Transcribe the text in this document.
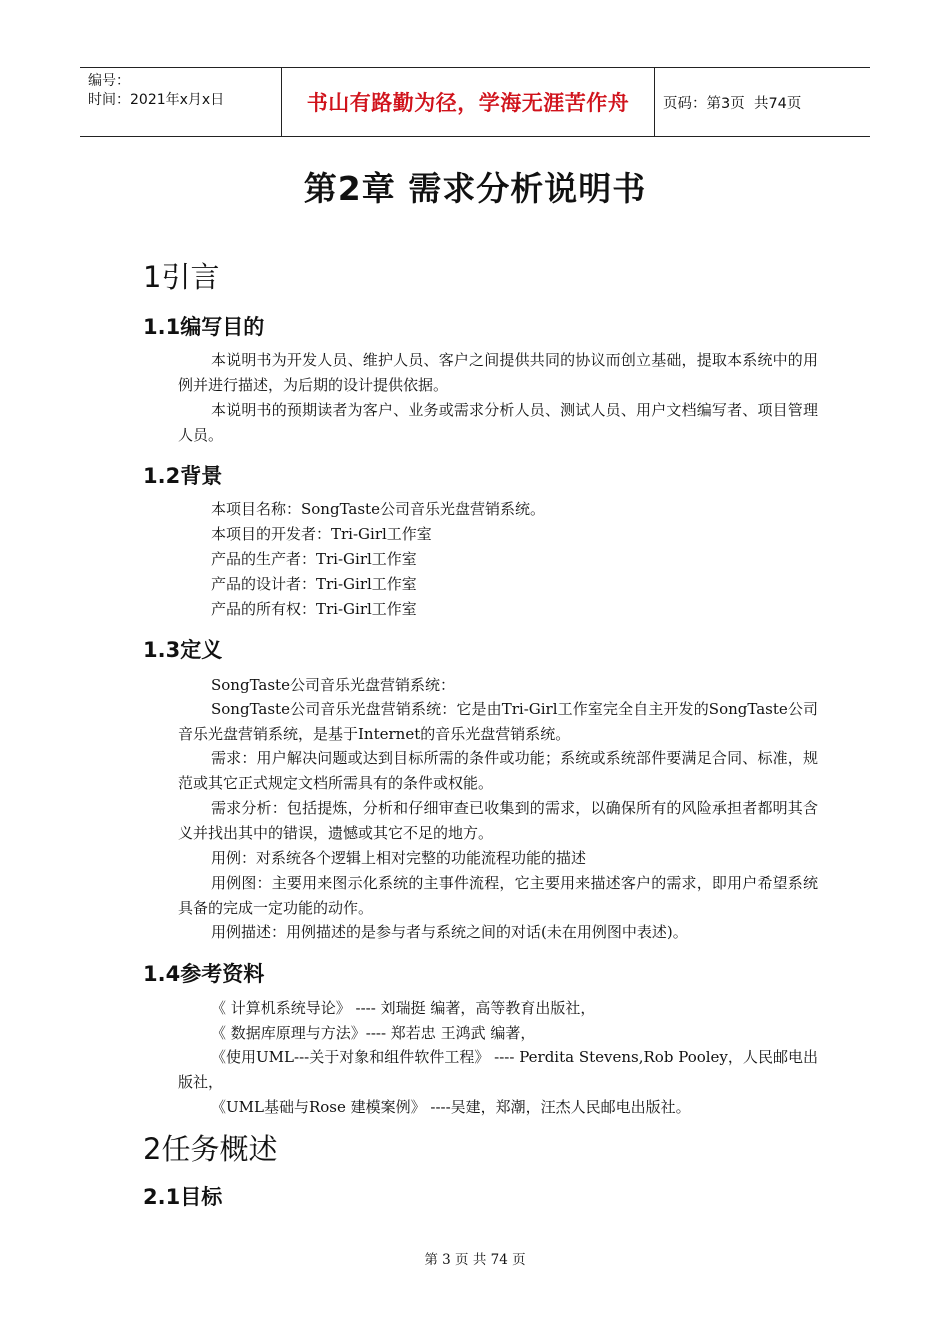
编号：
时间：2021年x月x日	书山有路勤为径，学海无涯苦作舟 页码：第3页  共74页
第2章 需求分析说明书
1引言
1.1编写目的
本说明书为开发人员、维护人员、客户之间提供共同的协议而创立基础，提取本系统中的用例并进行描述，为后期的设计提供依据。
本说明书的预期读者为客户、业务或需求分析人员、测试人员、用户文档编写者、项目管理人员。
1.2背景
本项目名称：SongTaste公司音乐光盘营销系统。
本项目的开发者：Tri-Girl工作室
产品的生产者：Tri-Girl工作室
产品的设计者：Tri-Girl工作室
产品的所有权：Tri-Girl工作室
1.3定义
SongTaste公司音乐光盘营销系统：
SongTaste公司音乐光盘营销系统：它是由Tri-Girl工作室完全自主开发的SongTaste公司音乐光盘营销系统，是基于Internet的音乐光盘营销系统。
需求：用户解决问题或达到目标所需的条件或功能；系统或系统部件要满足合同、标准，规范或其它正式规定文档所需具有的条件或权能。
需求分析：包括提炼，分析和仔细审查已收集到的需求，以确保所有的风险承担者都明其含义并找出其中的错误，遗憾或其它不足的地方。
用例：对系统各个逻辑上相对完整的功能流程功能的描述
用例图：主要用来图示化系统的主事件流程，它主要用来描述客户的需求，即用户希望系统具备的完成一定功能的动作。
用例描述：用例描述的是参与者与系统之间的对话(未在用例图中表述)。
1.4参考资料
《 计算机系统导论》 ---- 刘瑞挺 编著，高等教育出版社，
《 数据库原理与方法》---- 郑若忠 王鸿武 编著，
《使用UML---关于对象和组件软件工程》 ---- Perdita Stevens,Rob Pooley，人民邮电出版社，
《UML基础与Rose 建模案例》 ----吴建，郑潮，汪杰人民邮电出版社。
2任务概述
2.1目标
第 3 页 共 74 页
